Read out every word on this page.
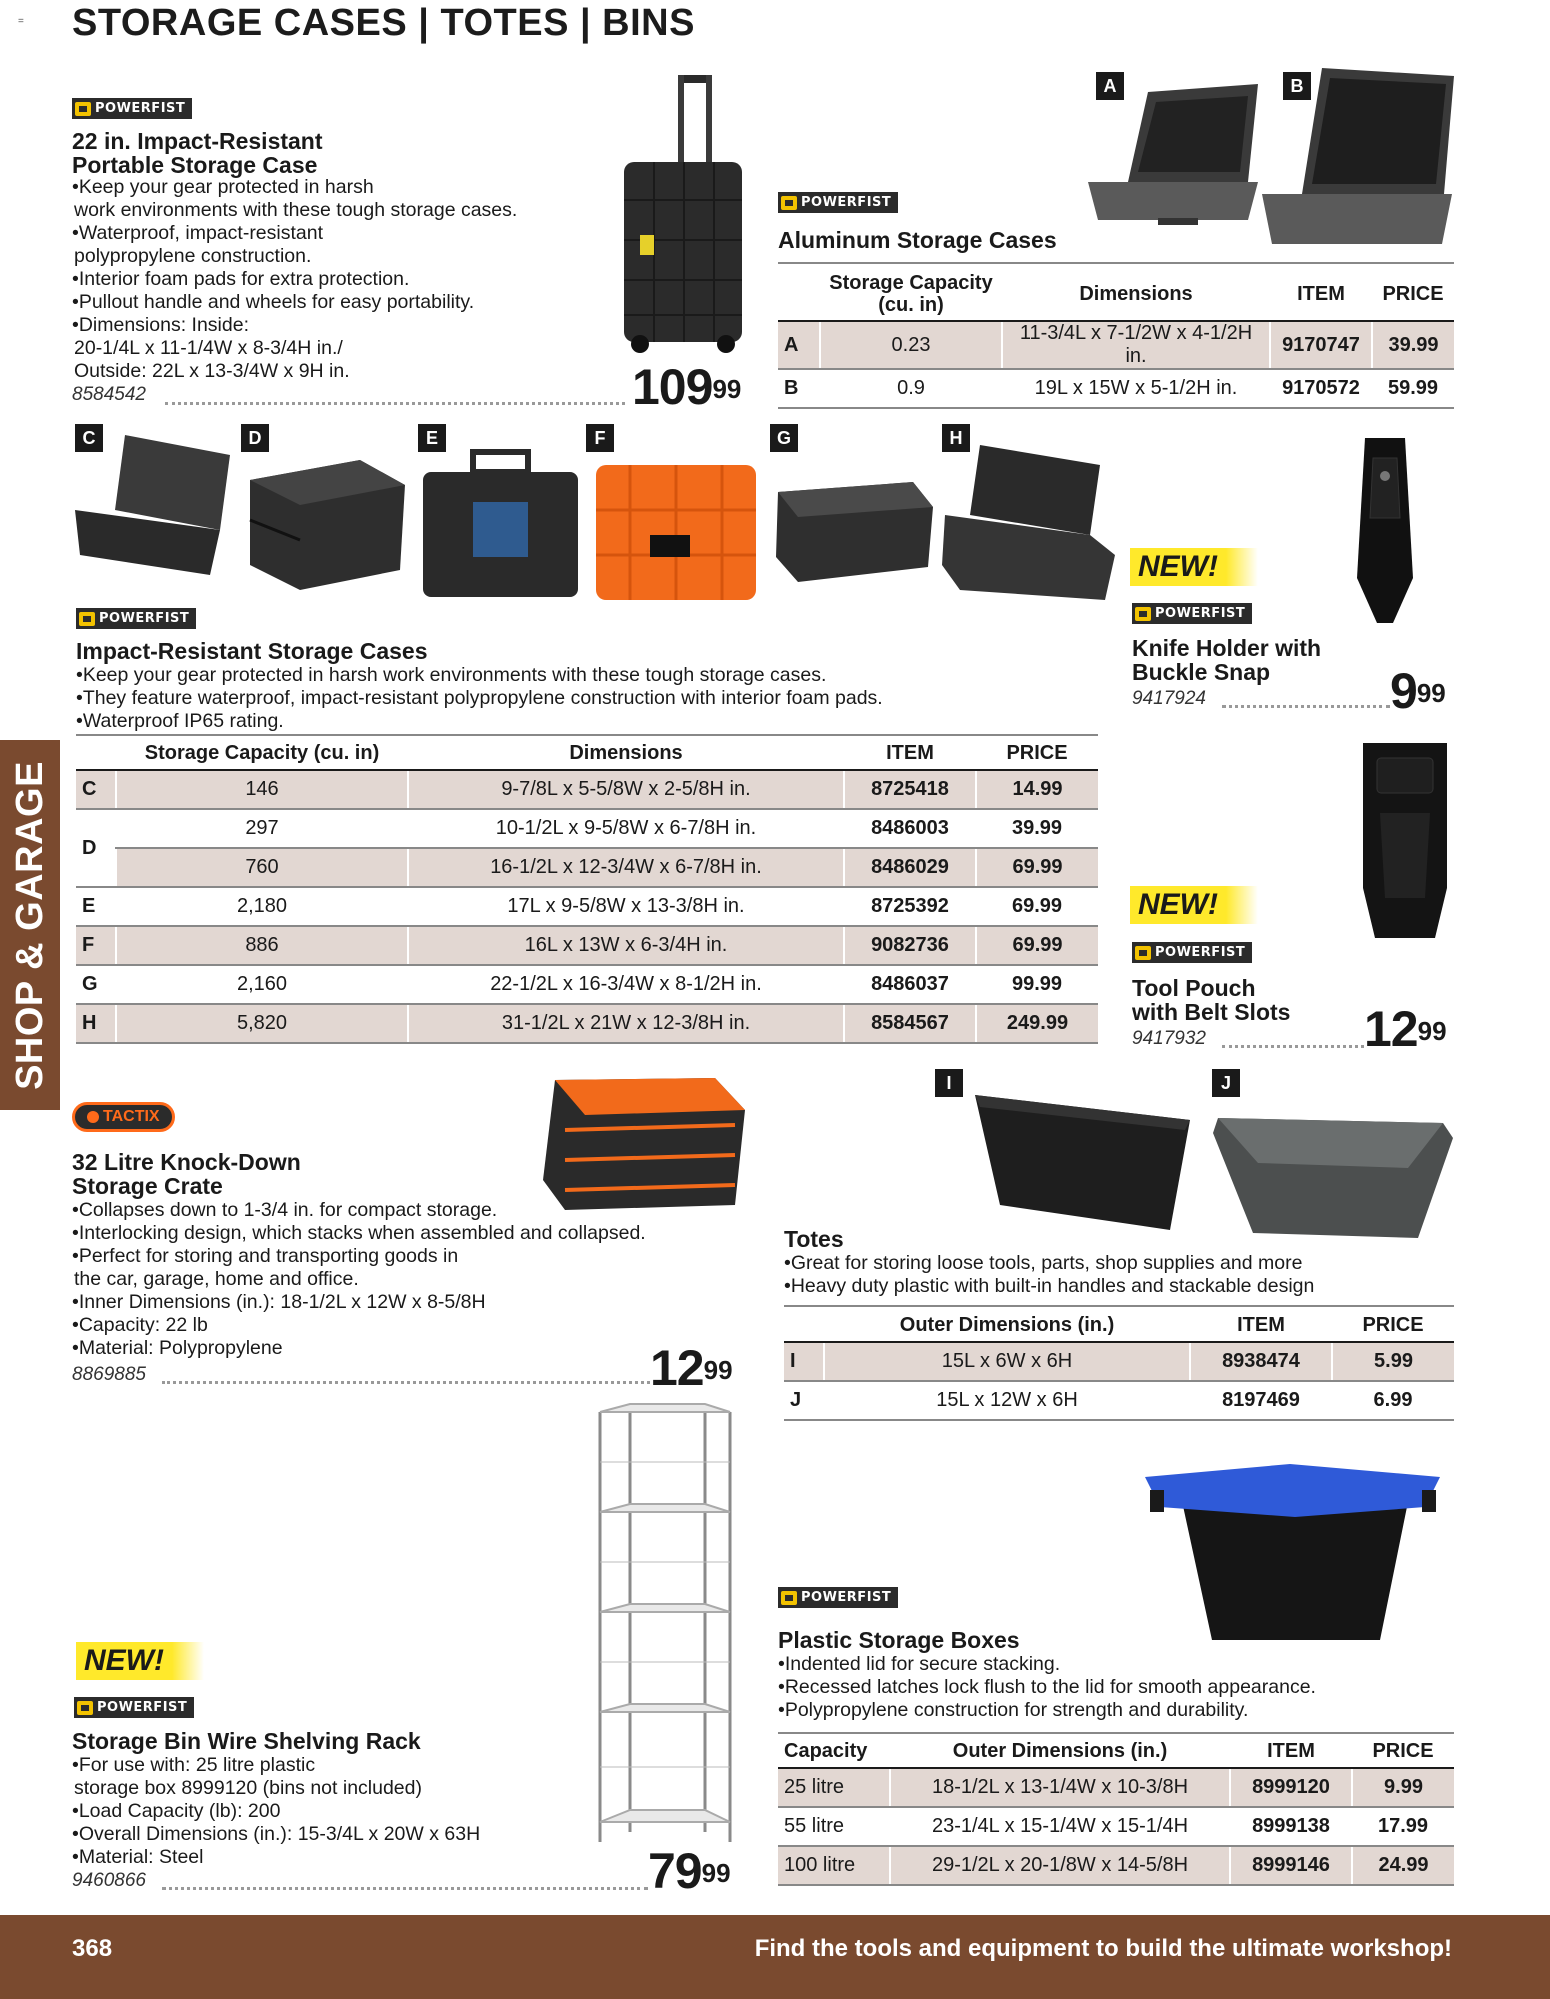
= STORAGE CASES | TOTES | BINS
SHOP & GARAGE
POWERFIST
22 in. Impact-Resistant
Portable Storage Case
•Keep your gear protected in harsh
work environments with these tough storage cases.
•Waterproof, impact-resistant
polypropylene construction.
•Interior foam pads for extra protection.
•Pullout handle and wheels for easy portability.
•Dimensions: Inside:
20-1/4L x 11-1/4W x 8-3/4H in./
Outside: 22L x 13-3/4W x 9H in.
8584542	$109^{99}$
A	B
POWERFIST
Aluminum Storage Cases
	Storage Capacity (cu. in)	Dimensions	ITEM	PRICE
A	0.23	11-3/4L x 7-1/2W x 4-1/2H in.	9170747	39.99
B	0.9	19L x 15W x 5-1/2H in.	9170572	59.99
C	D	E	F	G	H
POWERFIST
Impact-Resistant Storage Cases
•Keep your gear protected in harsh work environments with these tough storage cases.
•They feature waterproof, impact-resistant polypropylene construction with interior foam pads.
•Waterproof IP65 rating.
	Storage Capacity (cu. in)	Dimensions	ITEM	PRICE
C	146	9-7/8L x 5-5/8W x 2-5/8H in.	8725418	14.99
D	297	10-1/2L x 9-5/8W x 6-7/8H in.	8486003	39.99
	760	16-1/2L x 12-3/4W x 6-7/8H in.	8486029	69.99
E	2,180	17L x 9-5/8W x 13-3/8H in.	8725392	69.99
F	886	16L x 13W x 6-3/4H in.	9082736	69.99
G	2,160	22-1/2L x 16-3/4W x 8-1/2H in.	8486037	99.99
H	5,820	31-1/2L x 21W x 12-3/8H in.	8584567	249.99
NEW!
POWERFIST
Knife Holder with
Buckle Snap
9417924	$9^{99}$
NEW!
POWERFIST
Tool Pouch
with Belt Slots
9417932	$12^{99}$
TACTIX
32 Litre Knock-Down
Storage Crate
•Collapses down to 1-3/4 in. for compact storage.
•Interlocking design, which stacks when assembled and collapsed.
•Perfect for storing and transporting goods in
the car, garage, home and office.
•Inner Dimensions (in.): 18-1/2L x 12W x 8-5/8H
•Capacity: 22 lb
•Material: Polypropylene
8869885	$12^{99}$
I	J
Totes
•Great for storing loose tools, parts, shop supplies and more
•Heavy duty plastic with built-in handles and stackable design
	Outer Dimensions (in.)	ITEM	PRICE
I	15L x 6W x 6H	8938474	5.99
J	15L x 12W x 6H	8197469	6.99
NEW!
POWERFIST
Storage Bin Wire Shelving Rack
•For use with: 25 litre plastic
storage box 8999120 (bins not included)
•Load Capacity (lb): 200
•Overall Dimensions (in.): 15-3/4L x 20W x 63H
•Material: Steel
9460866	$79^{99}$
POWERFIST
Plastic Storage Boxes
•Indented lid for secure stacking.
•Recessed latches lock flush to the lid for smooth appearance.
•Polypropylene construction for strength and durability.
Capacity	Outer Dimensions (in.)	ITEM	PRICE
25 litre	18-1/2L x 13-1/4W x 10-3/8H	8999120	9.99
55 litre	23-1/4L x 15-1/4W x 15-1/4H	8999138	17.99
100 litre	29-1/2L x 20-1/8W x 14-5/8H	8999146	24.99
368	Find the tools and equipment to build the ultimate workshop!
